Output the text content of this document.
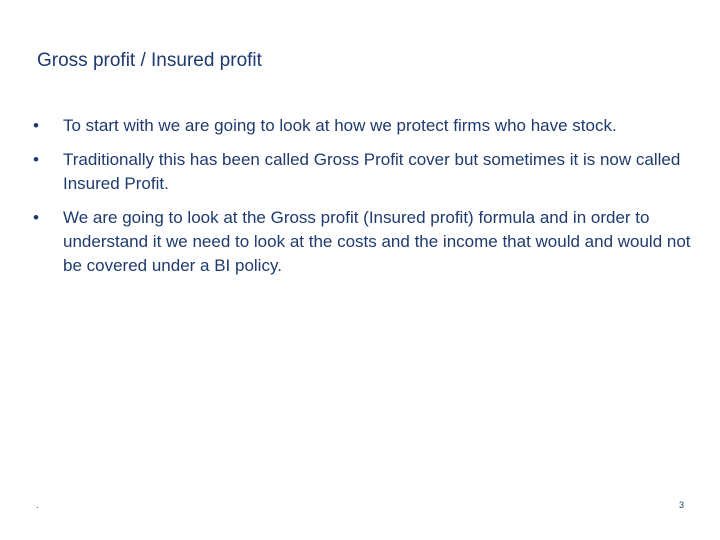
Gross profit / Insured profit
•	To start with we are going to look at how we protect firms who have stock.
•	Traditionally this has been called Gross Profit cover but sometimes it is now called Insured Profit.
•	We are going to look at the Gross profit (Insured profit) formula and in order to understand it we need to look at the costs and the income that would and would not be covered under a BI policy.
.	3
